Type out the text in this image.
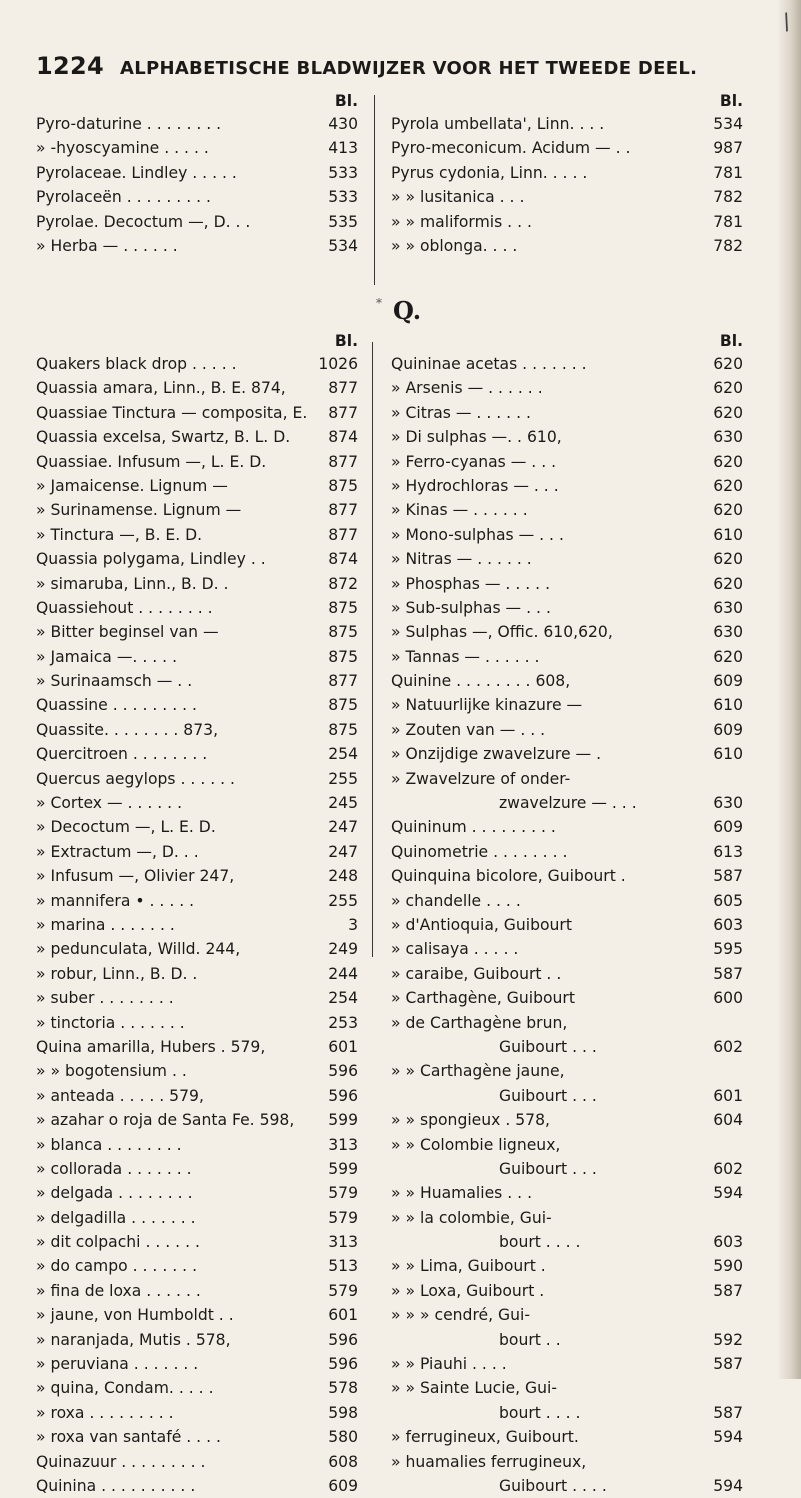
/
1224 ALPHABETISCHE BLADWIJZER VOOR HET TWEEDE DEEL.
Bl.
Pyro-daturine . . . . . . . .	430
» -hyoscyamine . . . . .	413
Pyrolaceae. Lindley . . . . .	533
Pyrolaceën . . . . . . . . .	533
Pyrolae. Decoctum —, D. . .	535
» Herba — . . . . . .	534
Bl.
Pyrola umbellata', Linn. . . .	534
Pyro-meconicum. Acidum — . .	987
Pyrus cydonia, Linn. . . . .	781
» » lusitanica . . .	782
» » maliformis . . .	781
» » oblonga. . . .	782
* Q.
Bl.
Quakers black drop . . . . .	1026
Quassia amara, Linn., B. E. 874,	877
Quassiae Tinctura — composita, E.	877
Quassia excelsa, Swartz, B. L. D.	874
Quassiae. Infusum —, L. E. D.	877
» Jamaicense. Lignum —	875
» Surinamense. Lignum —	877
» Tinctura —, B. E. D.	877
Quassia polygama, Lindley . .	874
» simaruba, Linn., B. D. .	872
Quassiehout . . . . . . . .	875
» Bitter beginsel van —	875
» Jamaica —. . . . .	875
» Surinaamsch — . .	877
Quassine . . . . . . . . .	875
Quassite. . . . . . . . 873,	875
Quercitroen . . . . . . . .	254
Quercus aegylops . . . . . .	255
» Cortex — . . . . . .	245
» Decoctum —, L. E. D.	247
» Extractum —, D. . .	247
» Infusum —, Olivier 247,	248
» mannifera • . . . . .	255
» marina . . . . . . .	3
» pedunculata, Willd. 244,	249
» robur, Linn., B. D. .	244
» suber . . . . . . . .	254
» tinctoria . . . . . . .	253
Quina amarilla, Hubers . 579,	601
» » bogotensium . .	596
» anteada . . . . . 579,	596
» azahar o roja de Santa Fe. 598,	599
» blanca . . . . . . . .	313
» collorada . . . . . . .	599
» delgada . . . . . . . .	579
» delgadilla . . . . . . .	579
» dit colpachi . . . . . .	313
» do campo . . . . . . .	513
» fina de loxa . . . . . .	579
» jaune, von Humboldt . .	601
» naranjada, Mutis . 578,	596
» peruviana . . . . . . .	596
» quina, Condam. . . . .	578
» roxa . . . . . . . . .	598
» roxa van santafé . . . .	580
Quinazuur . . . . . . . . .	608
Quinina . . . . . . . . . .	609
Bl.
Quininae acetas . . . . . . .	620
» Arsenis — . . . . . .	620
» Citras — . . . . . .	620
» Di sulphas —. . 610,	630
» Ferro-cyanas — . . .	620
» Hydrochloras — . . .	620
» Kinas — . . . . . .	620
» Mono-sulphas — . . .	610
» Nitras — . . . . . .	620
» Phosphas — . . . . .	620
» Sub-sulphas — . . .	630
» Sulphas —, Offic. 610,620,	630
» Tannas — . . . . . .	620
Quinine . . . . . . . . 608,	609
» Natuurlijke kinazure —	610
» Zouten van — . . .	609
» Onzijdige zwavelzure — .	610
» Zwavelzure of onder-
zwavelzure — . . .	630
Quininum . . . . . . . . .	609
Quinometrie . . . . . . . .	613
Quinquina bicolore, Guibourt .	587
» chandelle . . . .	605
» d'Antioquia, Guibourt	603
» calisaya . . . . .	595
» caraibe, Guibourt . .	587
» Carthagène, Guibourt	600
» de Carthagène brun,
Guibourt . . .	602
» » Carthagène jaune,
Guibourt . . .	601
» » spongieux . 578,	604
» » Colombie ligneux,
Guibourt . . .	602
» » Huamalies . . .	594
» » la colombie, Gui-
bourt . . . .	603
» » Lima, Guibourt .	590
» » Loxa, Guibourt .	587
» » » cendré, Gui-
bourt . .	592
» » Piauhi . . . .	587
» » Sainte Lucie, Gui-
bourt . . . .	587
» ferrugineux, Guibourt.	594
» huamalies ferrugineux,
Guibourt . . . .	594
